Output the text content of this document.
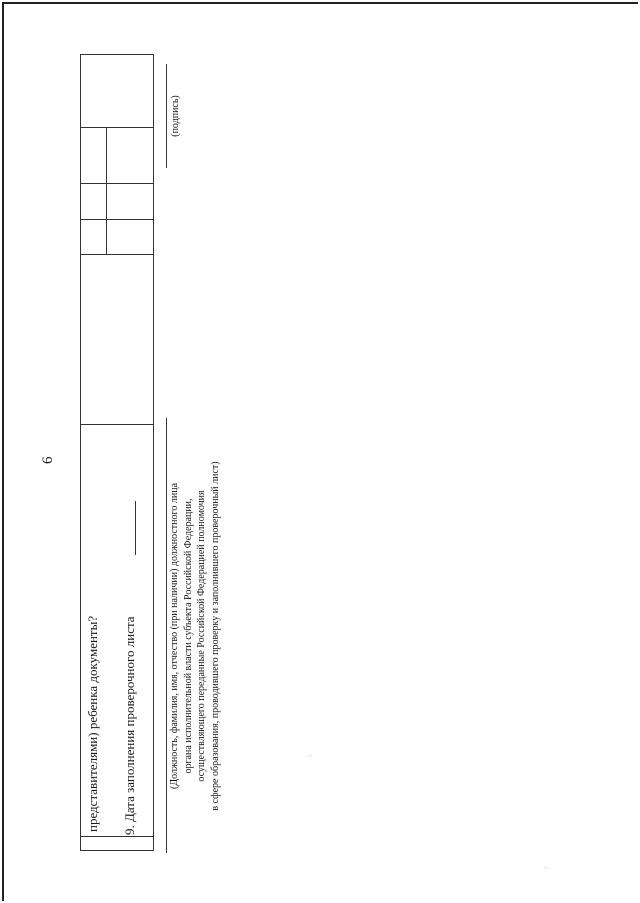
6
представителями) ребенка документы? 9. Дата заполнения проверочного листа	(Должность, фамилия, имя, отчество (при наличии) должностного лица органа исполнительной власти субъекта Российской Федерации, осуществляющего переданные Российской Федерацией полномочия в сфере образования, проводившего проверку и заполнившего проверочный лист)
(подпись)
